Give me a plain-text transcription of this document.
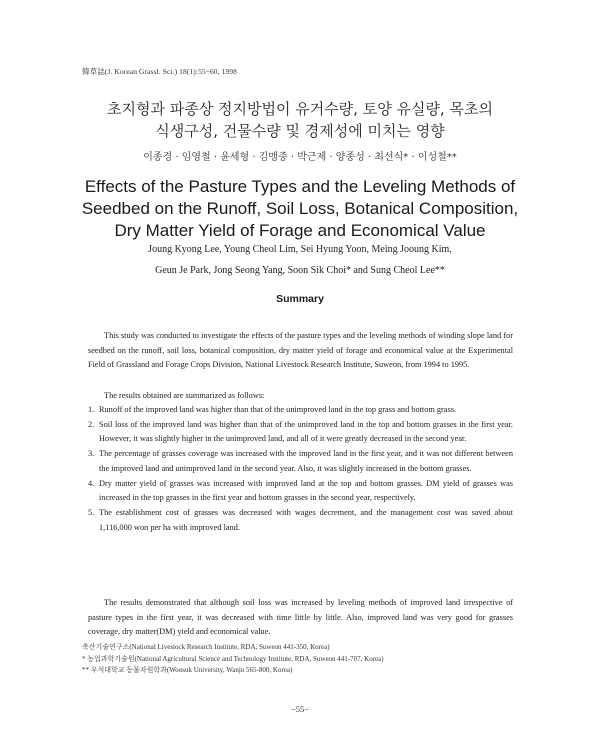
韓草誌(J. Korean Grassl. Sci.) 18(1):55~60, 1998
초지형과 파종상 정지방법이 유거수량, 토양 유실량, 목초의
식생구성, 건물수량 및 경제성에 미치는 영향
이종경 · 임영철 · 윤세형 · 김맹중 · 박근제 · 양종성 · 최선식* · 이성철**
Effects of the Pasture Types and the Leveling Methods of
Seedbed on the Runoff, Soil Loss, Botanical Composition,
Dry Matter Yield of Forage and Economical Value
Joung Kyong Lee, Young Cheol Lim, Sei Hyung Yoon, Meing Jooung Kim,
Geun Je Park, Jong Seong Yang, Soon Sik Choi* and Sung Cheol Lee**
Summary
This study was conducted to investigate the effects of the pasture types and the leveling methods of winding slope land for seedbed on the runoff, soil loss, botanical composition, dry matter yield of forage and economical value at the Experimental Field of Grassland and Forage Crops Division, National Livestock Research Institute, Suweon, from 1994 to 1995.
The results obtained are summarized as follows:
1. Runoff of the improved land was higher than that of the unimproved land in the top grass and bottom grass.
2. Soil loss of the improved land was higher than that of the unimproved land in the top and bottom grasses in the first year. However, it was slightly higher in the unimproved land, and all of it were greatly decreased in the second year.
3. The percentage of grasses coverage was increased with the improved land in the first year, and it was not different between the improved land and unimproved land in the second year. Also, it was slightly increased in the bottom grasses.
4. Dry matter yield of grasses was increased with improved land at the top and bottom grasses. DM yield of grasses was increased in the top grasses in the first year and bottom grasses in the second year, respectively.
5. The establishment cost of grasses was decreased with wages decrement, and the management cost was saved about 1,116,000 won per ha with improved land.
The results demonstrated that although soil loss was increased by leveling methods of improved land irrespective of pasture types in the first year, it was decreased with time little by little. Also, improved land was very good for grasses coverage, dry matter(DM) yield and economical value.
축산기술연구소(National Livestock Research Institute, RDA, Suweon 441-350, Korea)
* 농업과학기술원(National Agricultural Science and Technology Institute, RDA, Suweon 441-707, Korea)
** 우석대학교 동물자원학과(Woosuk University, Wanju 565-800, Korea)
−55−
